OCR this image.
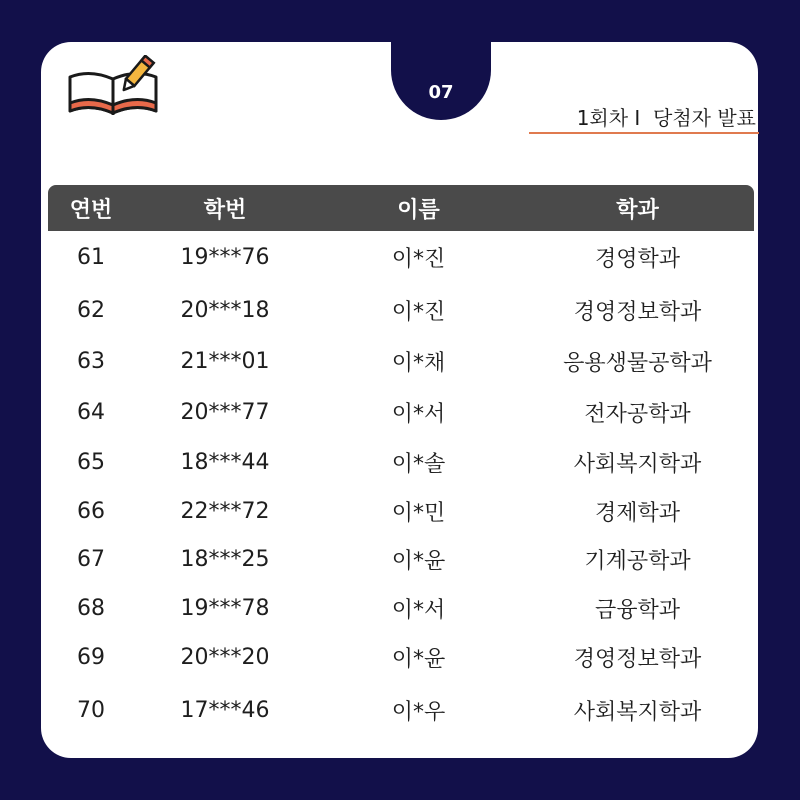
07
1회차 I  당첨자 발표
연번	학번	이름	학과
61	19***76	이*진	경영학과
62	20***18	이*진	경영정보학과
63	21***01	이*채	응용생물공학과
64	20***77	이*서	전자공학과
65	18***44	이*솔	사회복지학과
66	22***72	이*민	경제학과
67	18***25	이*윤	기계공학과
68	19***78	이*서	금융학과
69	20***20	이*윤	경영정보학과
70	17***46	이*우	사회복지학과
